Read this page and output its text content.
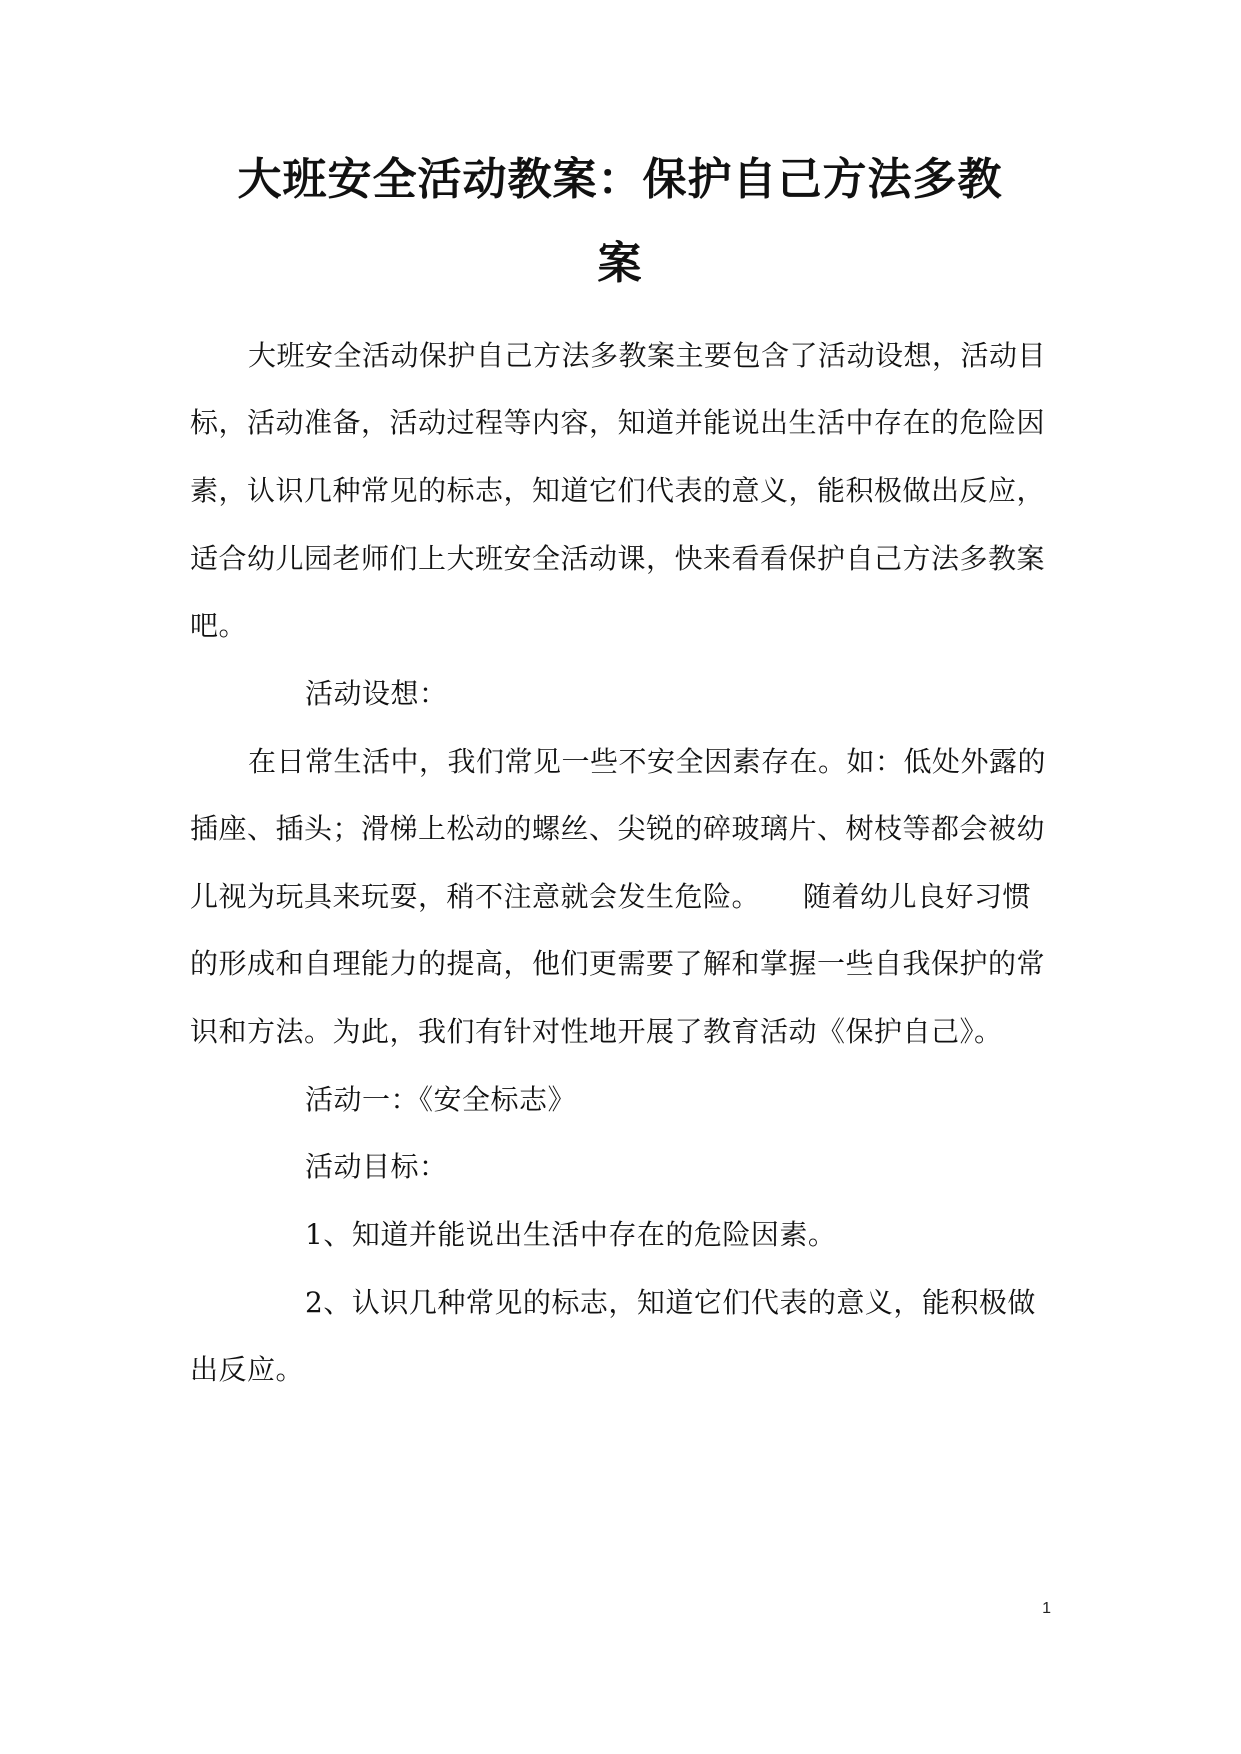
大班安全活动教案：保护自己方法多教
案
大班安全活动保护自己方法多教案主要包含了活动设想，活动目
标，活动准备，活动过程等内容，知道并能说出生活中存在的危险因
素，认识几种常见的标志，知道它们代表的意义，能积极做出反应，
适合幼儿园老师们上大班安全活动课，快来看看保护自己方法多教案
吧。
活动设想：
在日常生活中，我们常见一些不安全因素存在。如：低处外露的
插座、插头；滑梯上松动的螺丝、尖锐的碎玻璃片、树枝等都会被幼
儿视为玩具来玩耍，稍不注意就会发生危险。　　随着幼儿良好习惯
的形成和自理能力的提高，他们更需要了解和掌握一些自我保护的常
识和方法。为此，我们有针对性地开展了教育活动《保护自己》。
活动一：《安全标志》
活动目标：
1、知道并能说出生活中存在的危险因素。
2、认识几种常见的标志，知道它们代表的意义，能积极做
出反应。
1
